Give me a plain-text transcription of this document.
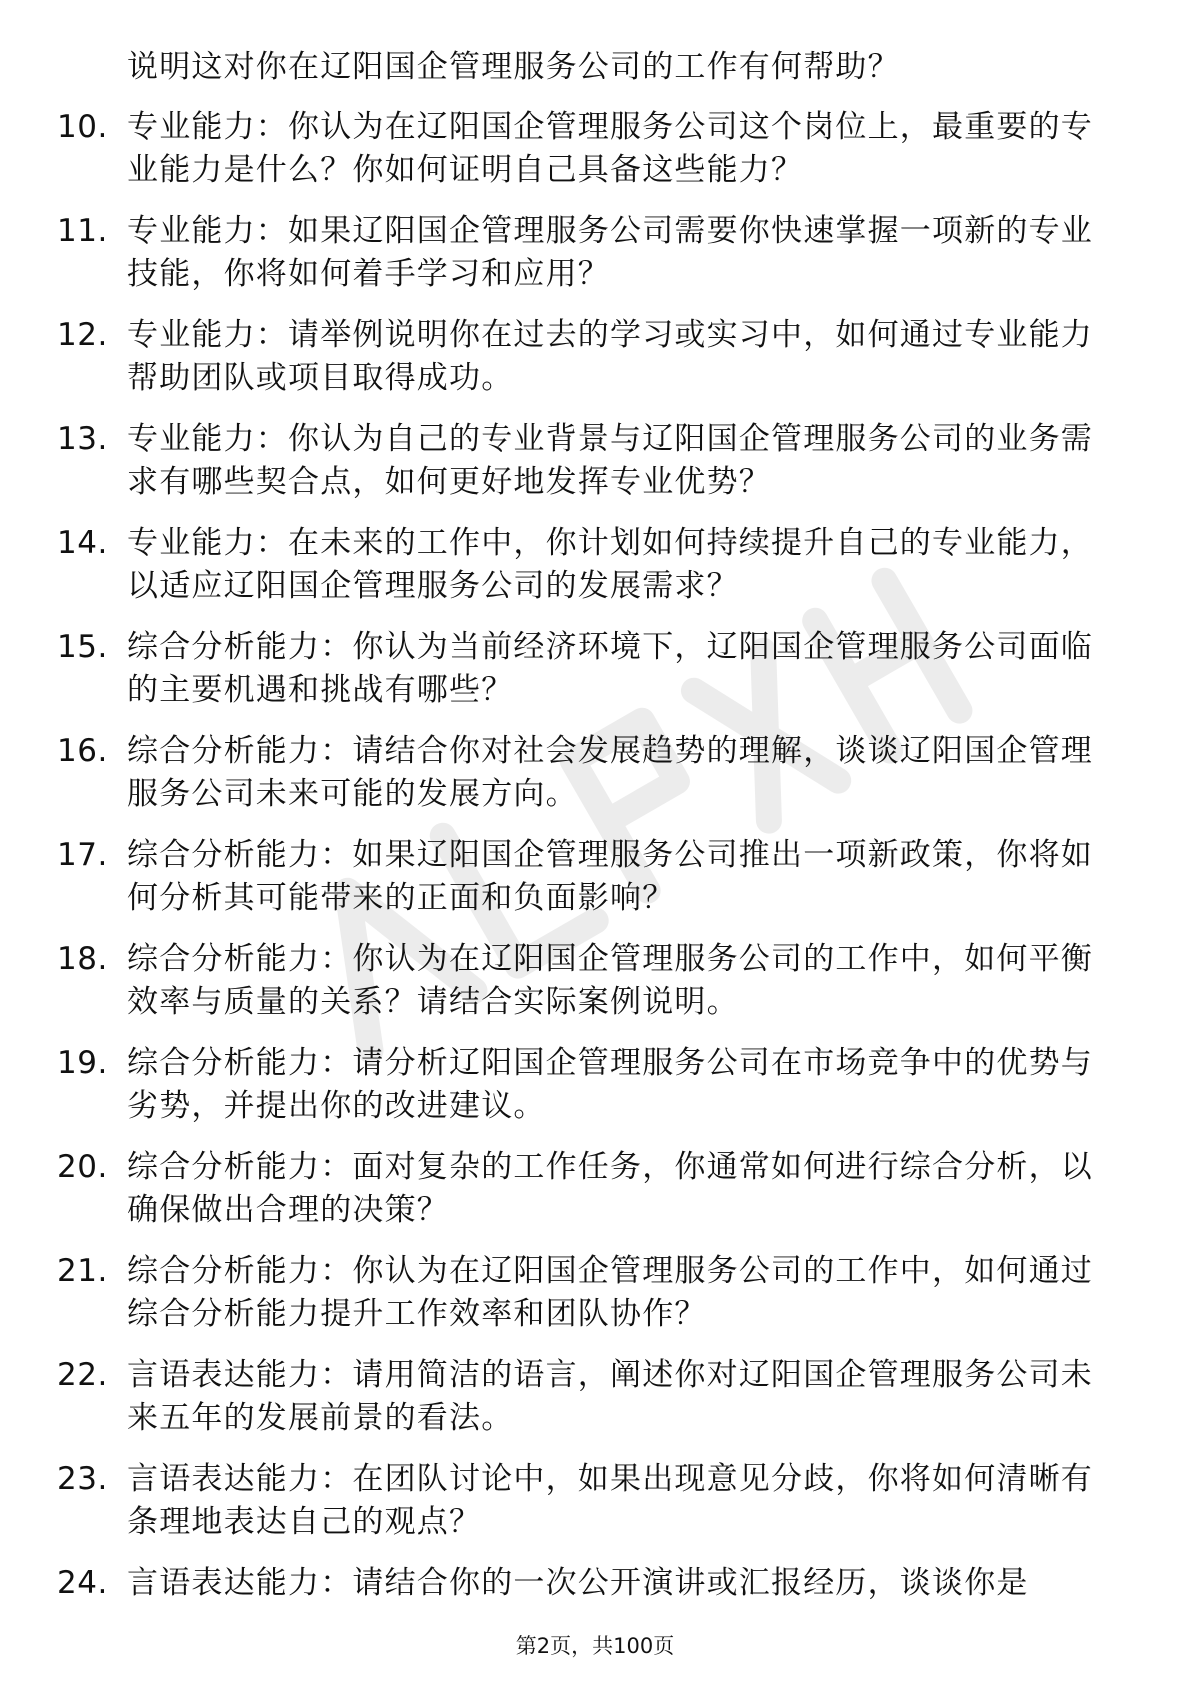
说明这对你在辽阳国企管理服务公司的工作有何帮助？
10. 专业能力：你认为在辽阳国企管理服务公司这个岗位上，最重要的专业能力是什么？你如何证明自己具备这些能力？
11. 专业能力：如果辽阳国企管理服务公司需要你快速掌握一项新的专业技能，你将如何着手学习和应用？
12. 专业能力：请举例说明你在过去的学习或实习中，如何通过专业能力帮助团队或项目取得成功。
13. 专业能力：你认为自己的专业背景与辽阳国企管理服务公司的业务需求有哪些契合点，如何更好地发挥专业优势？
14. 专业能力：在未来的工作中，你计划如何持续提升自己的专业能力，以适应辽阳国企管理服务公司的发展需求？
15. 综合分析能力：你认为当前经济环境下，辽阳国企管理服务公司面临的主要机遇和挑战有哪些？
16. 综合分析能力：请结合你对社会发展趋势的理解，谈谈辽阳国企管理服务公司未来可能的发展方向。
17. 综合分析能力：如果辽阳国企管理服务公司推出一项新政策，你将如何分析其可能带来的正面和负面影响？
18. 综合分析能力：你认为在辽阳国企管理服务公司的工作中，如何平衡效率与质量的关系？请结合实际案例说明。
19. 综合分析能力：请分析辽阳国企管理服务公司在市场竞争中的优势与劣势，并提出你的改进建议。
20. 综合分析能力：面对复杂的工作任务，你通常如何进行综合分析，以确保做出合理的决策？
21. 综合分析能力：你认为在辽阳国企管理服务公司的工作中，如何通过综合分析能力提升工作效率和团队协作？
22. 言语表达能力：请用简洁的语言，阐述你对辽阳国企管理服务公司未来五年的发展前景的看法。
23. 言语表达能力：在团队讨论中，如果出现意见分歧，你将如何清晰有条理地表达自己的观点？
24. 言语表达能力：请结合你的一次公开演讲或汇报经历，谈谈你是
第2页，共100页
